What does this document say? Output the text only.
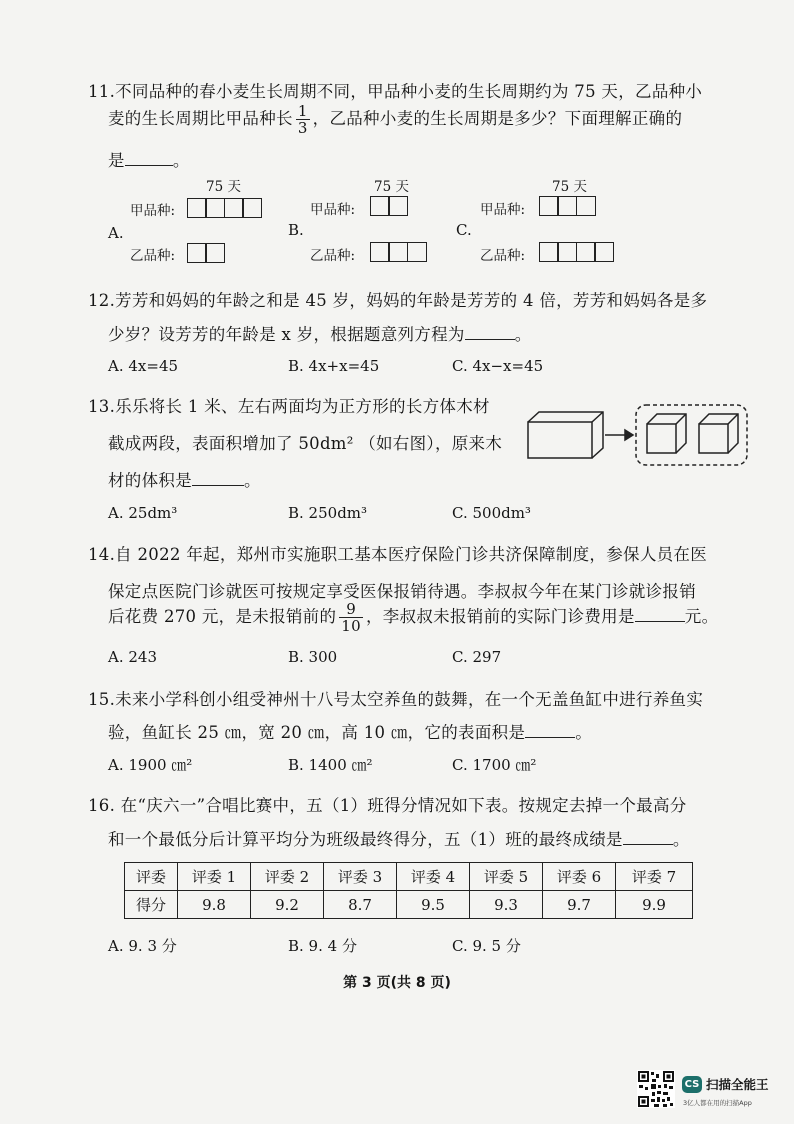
11.不同品种的春小麦生长周期不同，甲品种小麦的生长周期约为 75 天，乙品种小
麦的生长周期比甲品种长 $\frac{1}{3}$ ，乙品种小麦的生长周期是多少？下面理解正确的
是	。
75 天
甲品种:
A.
乙品种:
75 天
甲品种:
B.
乙品种:
75 天
甲品种:
C.
乙品种:
12.芳芳和妈妈的年龄之和是 45 岁，妈妈的年龄是芳芳的 4 倍，芳芳和妈妈各是多
少岁？设芳芳的年龄是 x 岁，根据题意列方程为	。
A. 4x=45	B. 4x+x=45	C. 4x−x=45
13.乐乐将长 1 米、左右两面均为正方形的长方体木材
截成两段，表面积增加了 50dm² （如右图），原来木
材的体积是	。
A. 25dm³	B. 250dm³	C. 500dm³
14.自 2022 年起，郑州市实施职工基本医疗保险门诊共济保障制度，参保人员在医
保定点医院门诊就医可按规定享受医保报销待遇。李叔叔今年在某门诊就诊报销
后花费 270 元，是未报销前的 $\frac{9}{10}$ ，李叔叔未报销前的实际门诊费用是	元。
A. 243	B. 300	C. 297
15.未来小学科创小组受神州十八号太空养鱼的鼓舞，在一个无盖鱼缸中进行养鱼实
验，鱼缸长 25 ㎝，宽 20 ㎝，高 10 ㎝，它的表面积是	。
A. 1900 ㎝²	B. 1400 ㎝²	C. 1700 ㎝²
16. 在“庆六一”合唱比赛中，五（1）班得分情况如下表。按规定去掉一个最高分
和一个最低分后计算平均分为班级最终得分，五（1）班的最终成绩是	。
评委	评委 1	评委 2	评委 3	评委 4	评委 5	评委 6	评委 7
得分	9.8	9.2	8.7	9.5	9.3	9.7	9.9
A. 9. 3 分	B. 9. 4 分	C. 9. 5 分
第 3 页(共 8 页)
CS 扫描全能王
3亿人都在用的扫描App
